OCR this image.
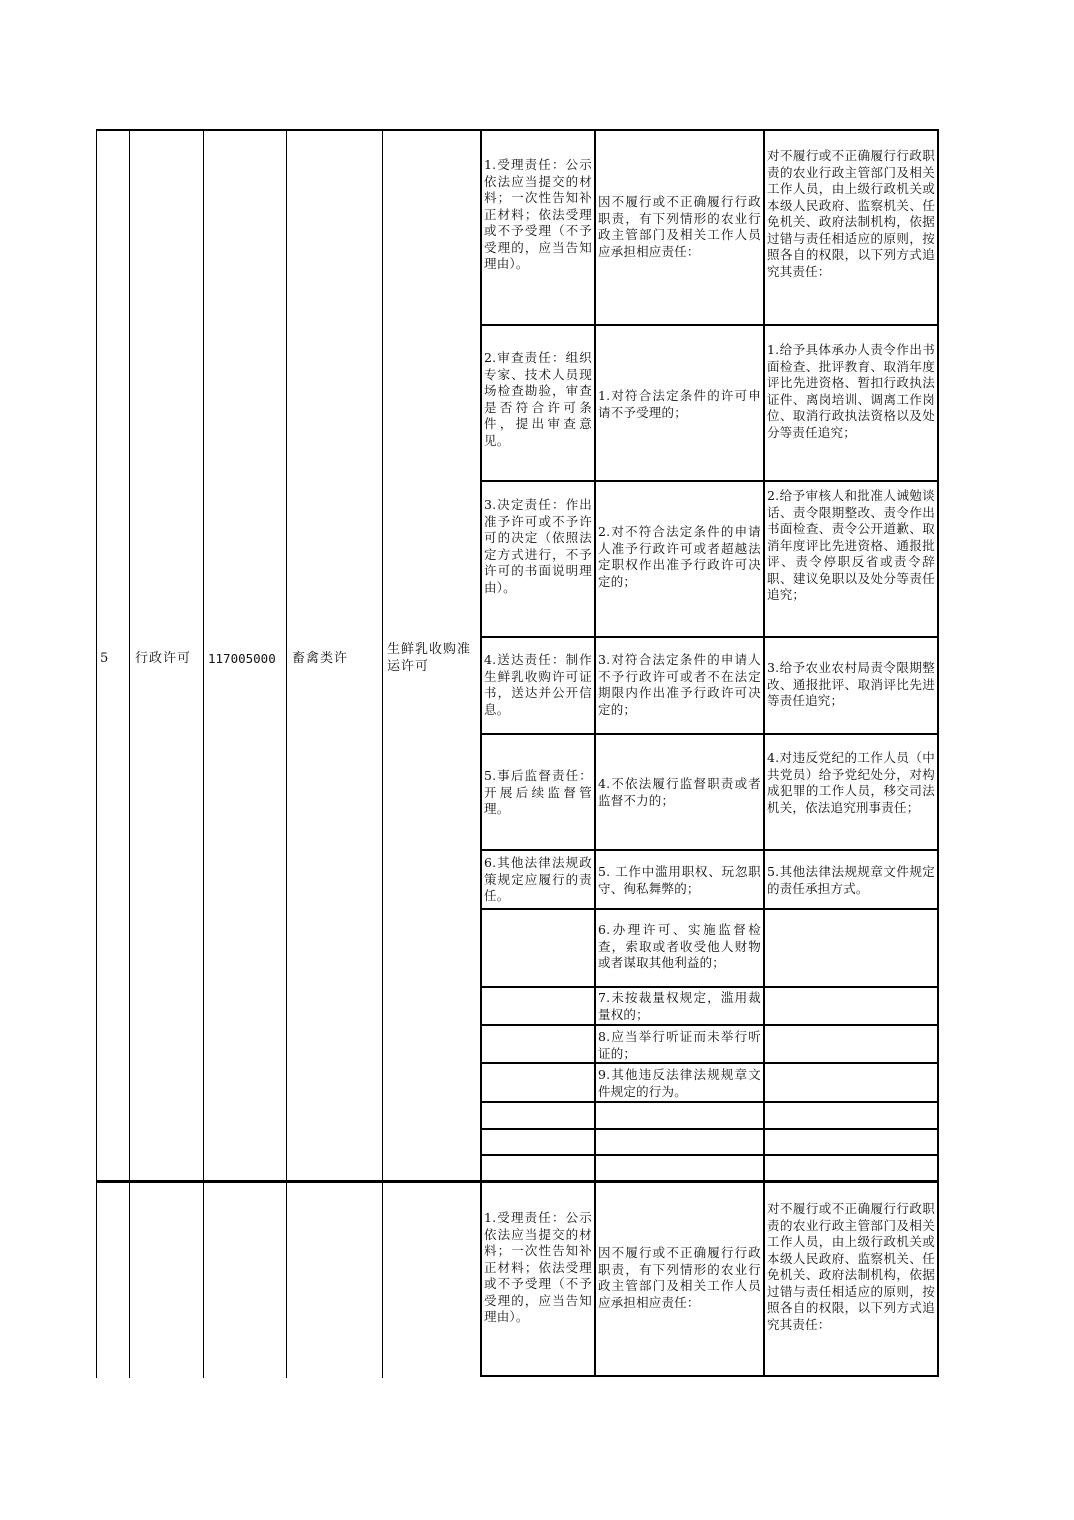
5 行政许可 117005000 畜禽类许
生鲜乳收购准运许可
1.受理责任：公示依法应当提交的材料；一次性告知补正材料；依法受理或不予受理（不予受理的，应当告知理由）。
因不履行或不正确履行行政职责，有下列情形的农业行政主管部门及相关工作人员应承担相应责任：
对不履行或不正确履行行政职责的农业行政主管部门及相关工作人员，由上级行政机关或本级人民政府、监察机关、任免机关、政府法制机构，依据过错与责任相适应的原则，按照各自的权限，以下列方式追究其责任：
2.审查责任：组织专家、技术人员现场检查勘验，审查是否符合许可条件，提出审查意见。
1.对符合法定条件的许可申请不予受理的；
1.给予具体承办人责令作出书面检查、批评教育、取消年度评比先进资格、暂扣行政执法证件、离岗培训、调离工作岗位、取消行政执法资格以及处分等责任追究；
3.决定责任：作出准予许可或不予许可的决定（依照法定方式进行，不予许可的书面说明理由）。
2.对不符合法定条件的申请人准予行政许可或者超越法定职权作出准予行政许可决定的；
2.给予审核人和批准人诫勉谈话、责令限期整改、责令作出书面检查、责令公开道歉、取消年度评比先进资格、通报批评、责令停职反省或责令辞职、建议免职以及处分等责任追究；
4.送达责任：制作生鲜乳收购许可证书，送达并公开信息。
3.对符合法定条件的申请人不予行政许可或者不在法定期限内作出准予行政许可决定的；
3.给予农业农村局责令限期整改、通报批评、取消评比先进等责任追究；
5.事后监督责任：开展后续监督管理。
4.不依法履行监督职责或者监督不力的；
4.对违反党纪的工作人员（中共党员）给予党纪处分，对构成犯罪的工作人员，移交司法机关，依法追究刑事责任；
6.其他法律法规政策规定应履行的责任。
5. 工作中滥用职权、玩忽职守、徇私舞弊的；
5.其他法律法规规章文件规定的责任承担方式。
6.办理许可、实施监督检查，索取或者收受他人财物或者谋取其他利益的；
7.未按裁量权规定，滥用裁量权的；
8.应当举行听证而未举行听证的；
9.其他违反法律法规规章文件规定的行为。
1.受理责任：公示依法应当提交的材料；一次性告知补正材料；依法受理或不予受理（不予受理的，应当告知理由）。
因不履行或不正确履行行政职责，有下列情形的农业行政主管部门及相关工作人员应承担相应责任：
对不履行或不正确履行行政职责的农业行政主管部门及相关工作人员，由上级行政机关或本级人民政府、监察机关、任免机关、政府法制机构，依据过错与责任相适应的原则，按照各自的权限，以下列方式追究其责任：
